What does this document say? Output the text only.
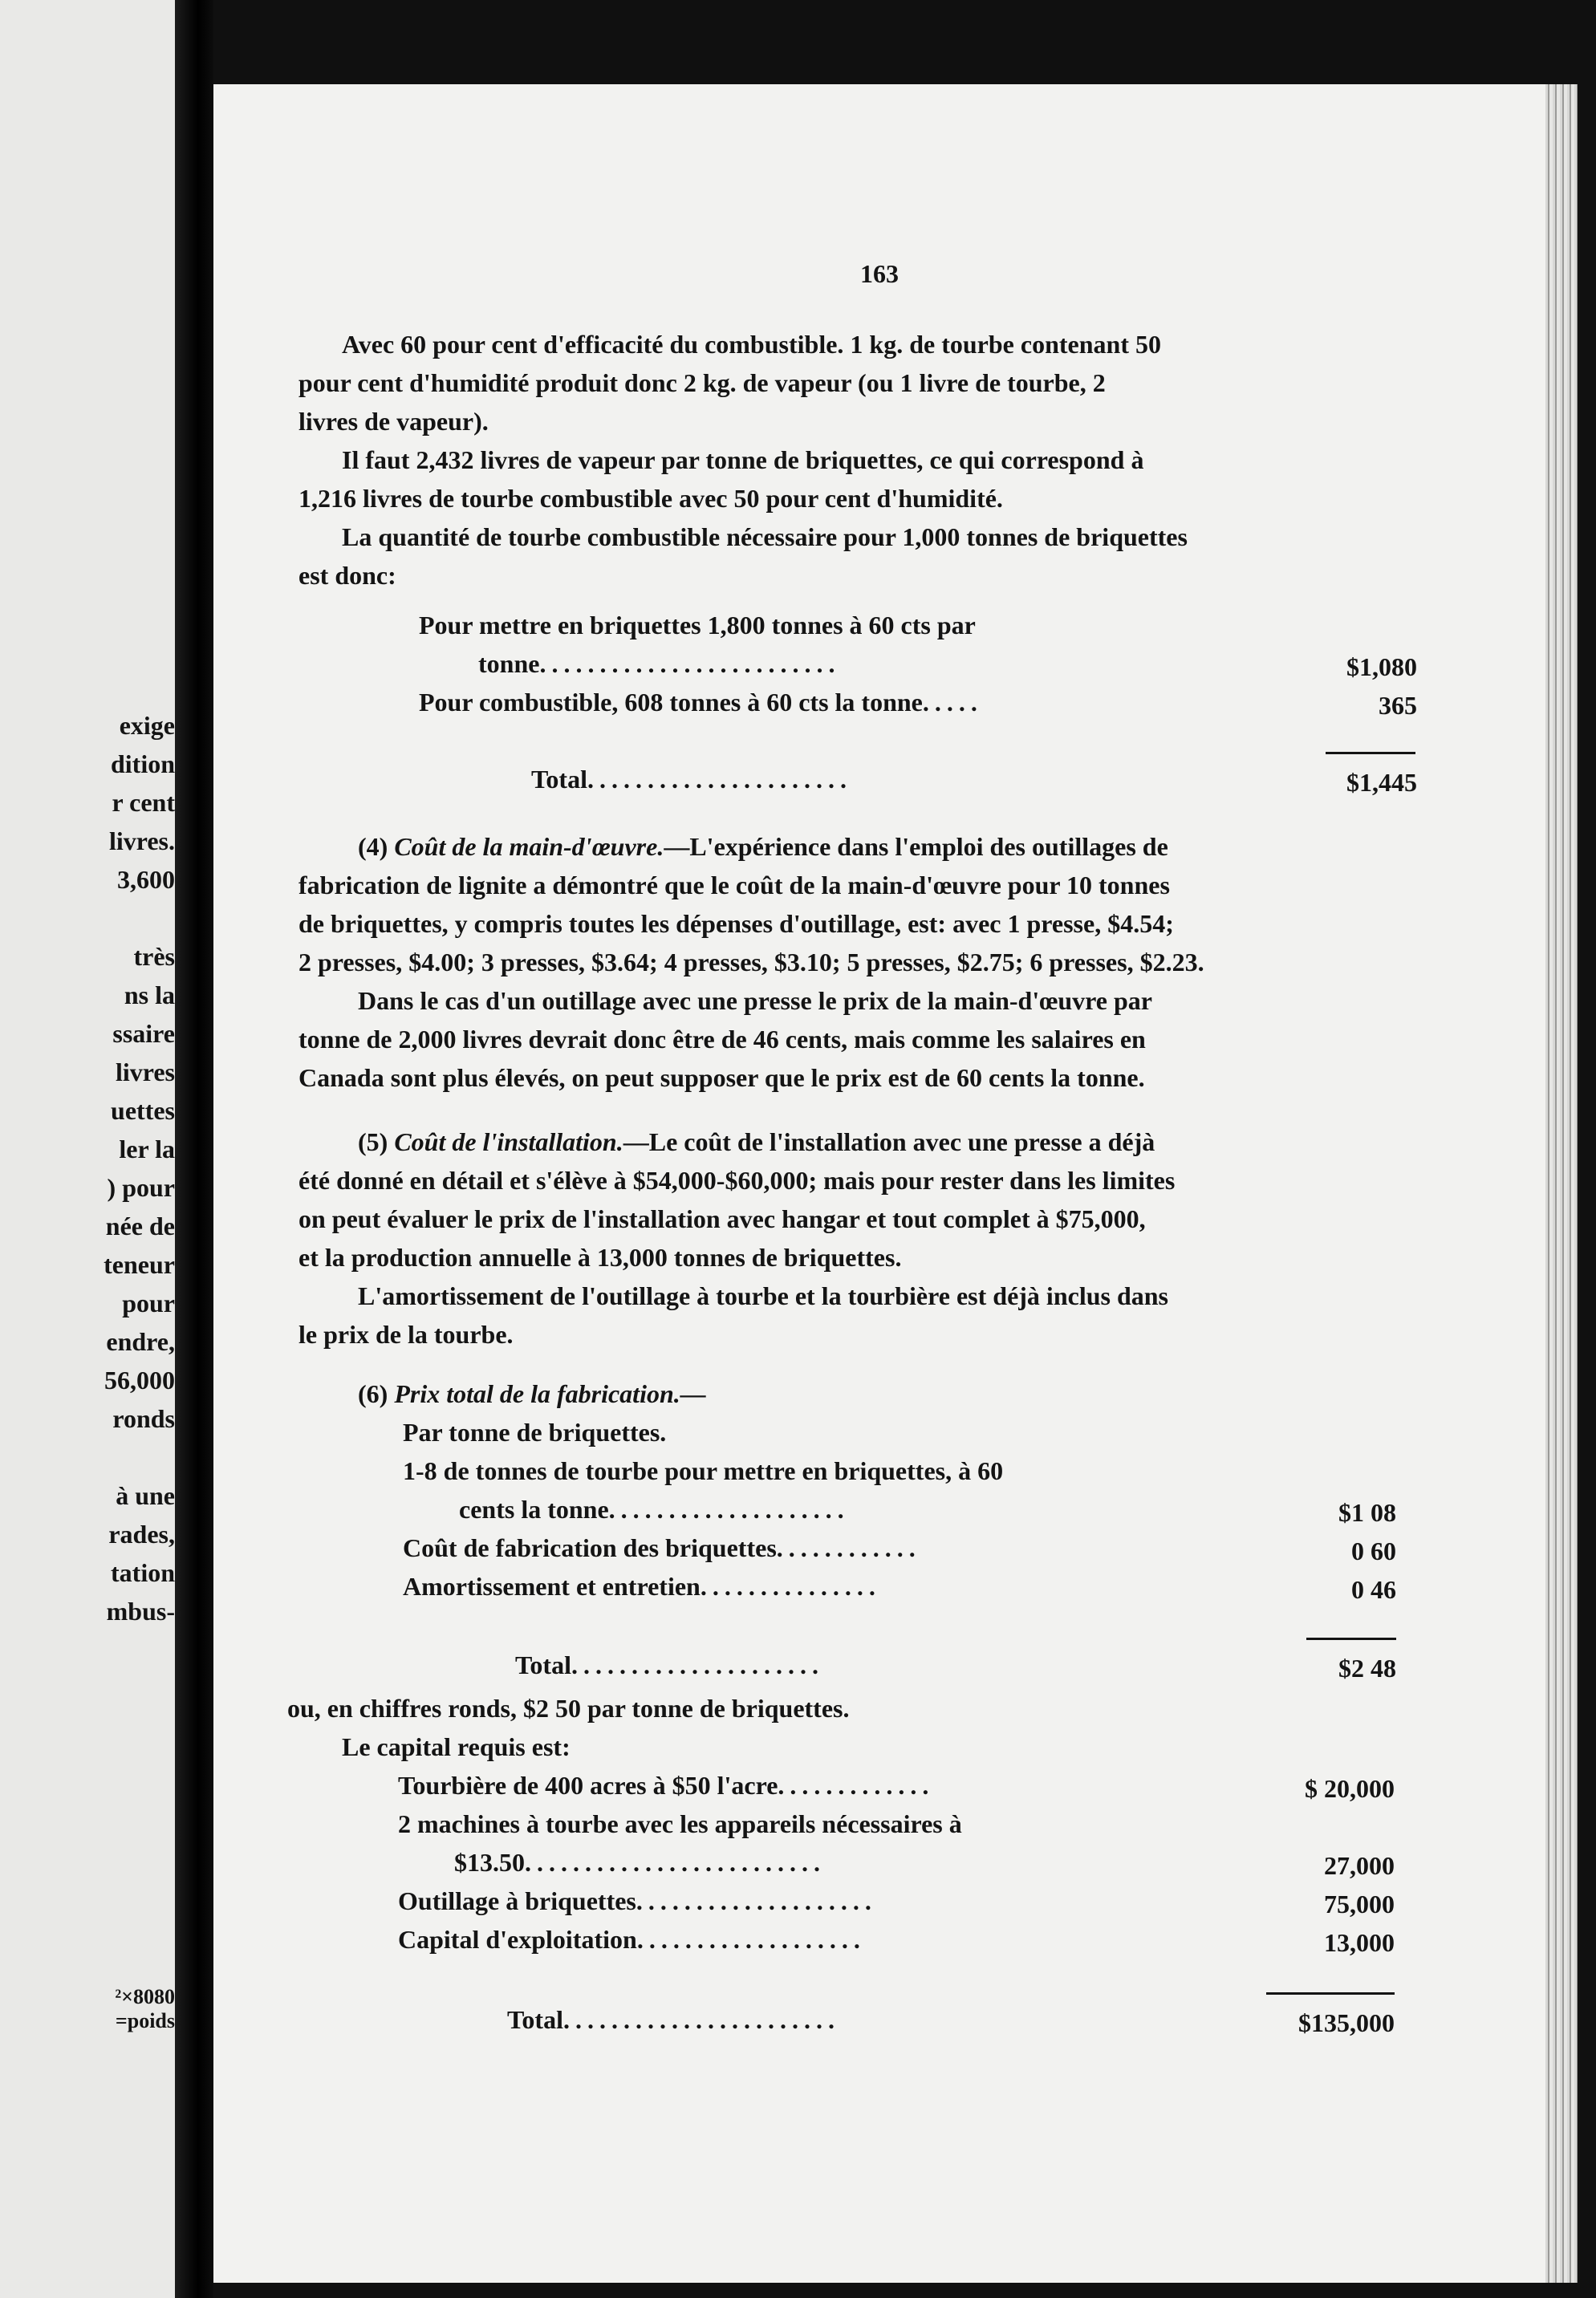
exige
dition
r cent
livres.
3,600
très
ns la
ssaire
livres
uettes
ler la
) pour
née de
teneur
pour
endre,
56,000
ronds
à une
rades,
tation
mbus-
²×8080
=poids
163
Avec 60 pour cent d'efficacité du combustible. 1 kg. de tourbe contenant 50
pour cent d'humidité produit donc 2 kg. de vapeur (ou 1 livre de tourbe, 2
livres de vapeur).
Il faut 2,432 livres de vapeur par tonne de briquettes, ce qui correspond à
1,216 livres de tourbe combustible avec 50 pour cent d'humidité.
La quantité de tourbe combustible nécessaire pour 1,000 tonnes de briquettes
est donc:
Pour mettre en briquettes 1,800 tonnes à 60 cts par
tonne.........................	$1,080
Pour combustible, 608 tonnes à 60 cts la tonne.....	365
Total......................	$1,445
(4) Coût de la main-d'œuvre.—L'expérience dans l'emploi des outillages de
fabrication de lignite a démontré que le coût de la main-d'œuvre pour 10 tonnes
de briquettes, y compris toutes les dépenses d'outillage, est: avec 1 presse, $4.54;
2 presses, $4.00; 3 presses, $3.64; 4 presses, $3.10; 5 presses, $2.75; 6 presses, $2.23.
Dans le cas d'un outillage avec une presse le prix de la main-d'œuvre par
tonne de 2,000 livres devrait donc être de 46 cents, mais comme les salaires en
Canada sont plus élevés, on peut supposer que le prix est de 60 cents la tonne.
(5) Coût de l'installation.—Le coût de l'installation avec une presse a déjà
été donné en détail et s'élève à $54,000-$60,000; mais pour rester dans les limites
on peut évaluer le prix de l'installation avec hangar et tout complet à $75,000,
et la production annuelle à 13,000 tonnes de briquettes.
L'amortissement de l'outillage à tourbe et la tourbière est déjà inclus dans
le prix de la tourbe.
(6) Prix total de la fabrication.—
Par tonne de briquettes.
1-8 de tonnes de tourbe pour mettre en briquettes, à 60
cents la tonne....................	$1 08
Coût de fabrication des briquettes............	0 60
Amortissement et entretien...............	0 46
Total.....................	$2 48
ou, en chiffres ronds, $2 50 par tonne de briquettes.
Le capital requis est:
Tourbière de 400 acres à $50 l'acre.............	$ 20,000
2 machines à tourbe avec les appareils nécessaires à
$13.50.........................	27,000
Outillage à briquettes....................	75,000
Capital d'exploitation...................	13,000
Total.......................	$135,000
